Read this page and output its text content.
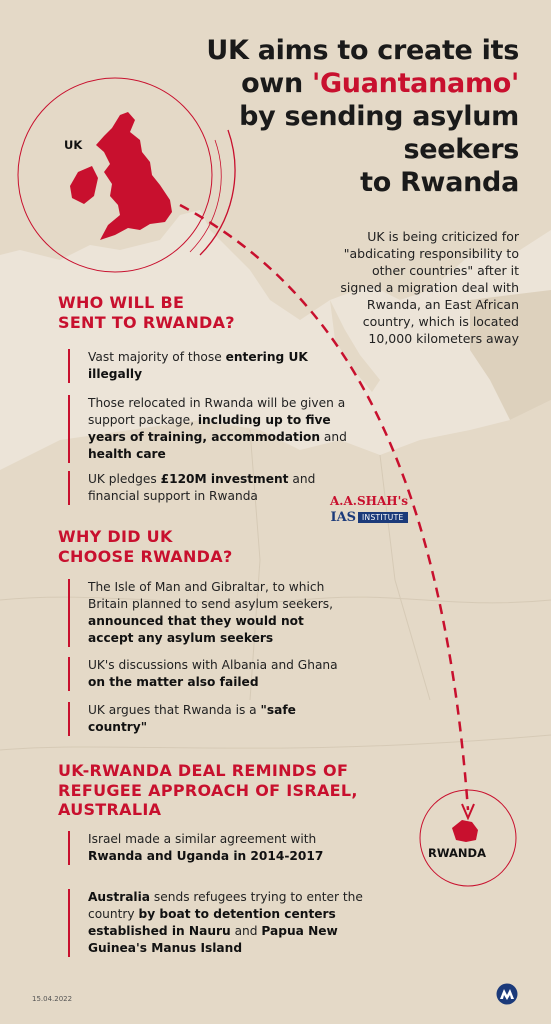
UK aims to create its
own 'Guantanamo'
by sending asylum
seekers
to Rwanda
UK is being criticized for "abdicating responsibility to other countries" after it signed a migration deal with Rwanda, an East African country, which is located 10,000 kilometers away
UK
RWANDA
WHO WILL BE
SENT TO RWANDA?
Vast majority of those entering UK illegally
Those relocated in Rwanda will be given a support package, including up to five years of training, accommodation and health care
UK pledges £120M investment and financial support in Rwanda	A.A.SHAH's
IAS INSTITUTE
WHY DID UK
CHOOSE RWANDA?
The Isle of Man and Gibraltar, to which Britain planned to send asylum seekers, announced that they would not accept any asylum seekers
UK's discussions with Albania and Ghana on the matter also failed
UK argues that Rwanda is a "safe country"
UK-RWANDA DEAL REMINDS OF
REFUGEE APPROACH OF ISRAEL,
AUSTRALIA
Israel made a similar agreement with Rwanda and Uganda in 2014-2017
Australia sends refugees trying to enter the country by boat to detention centers established in Nauru and Papua New Guinea's Manus Island
15.04.2022
